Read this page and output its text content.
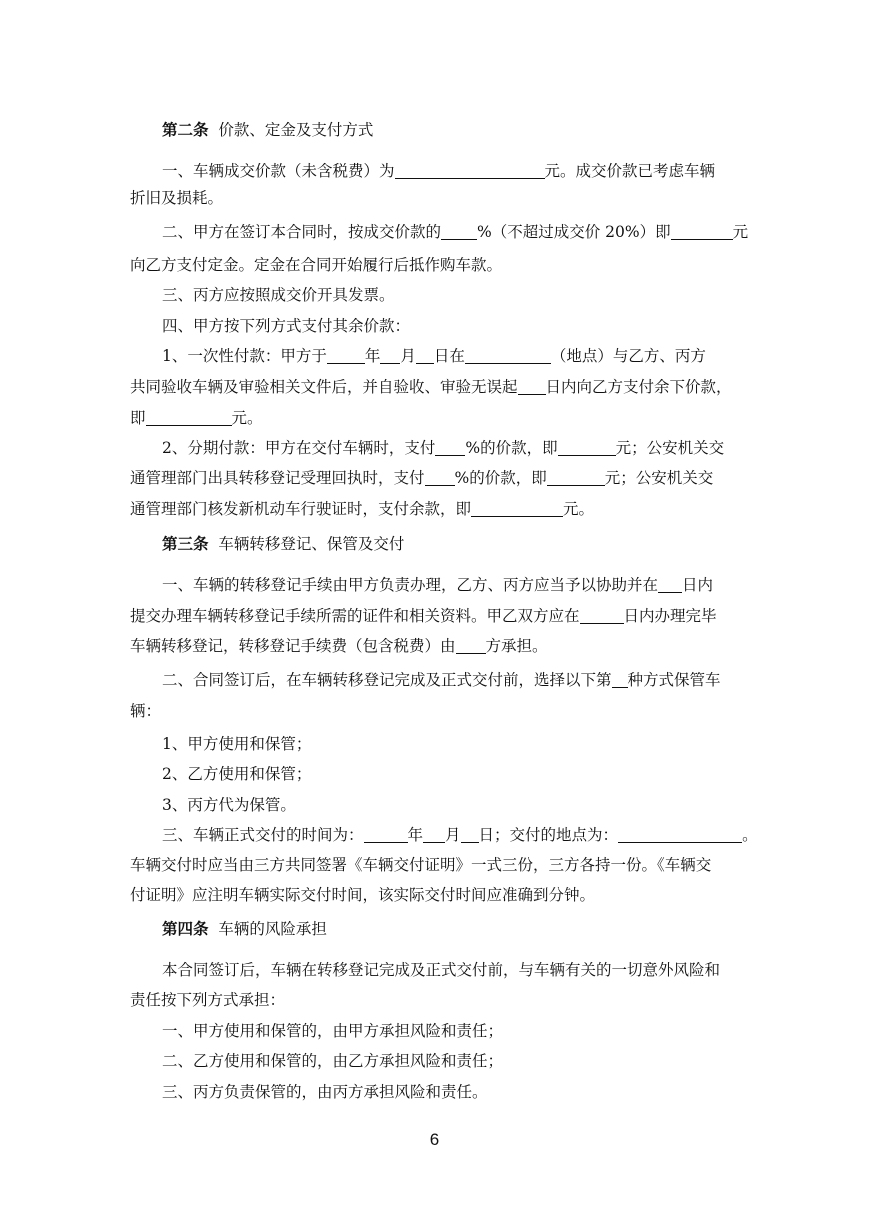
第二条 价款、定金及支付方式
一、车辆成交价款（未含税费）为	元。成交价款已考虑车辆
折旧及损耗。
二、甲方在签订本合同时，按成交价款的 %（不超过成交价 20%）即	元
向乙方支付定金。定金在合同开始履行后抵作购车款。
三、丙方应按照成交价开具发票。
四、甲方按下列方式支付其余价款：
1、一次性付款：甲方于 年 月 日在	（地点）与乙方、丙方
共同验收车辆及审验相关文件后，并自验收、审验无误起 日内向乙方支付余下价款，
即	元。
2、分期付款：甲方在交付车辆时，支付 %的价款，即	元；公安机关交
通管理部门出具转移登记受理回执时，支付 %的价款，即	元；公安机关交
通管理部门核发新机动车行驶证时，支付余款，即	元。
第三条 车辆转移登记、保管及交付
一、车辆的转移登记手续由甲方负责办理，乙方、丙方应当予以协助并在 日内
提交办理车辆转移登记手续所需的证件和相关资料。甲乙双方应在	日内办理完毕
车辆转移登记，转移登记手续费（包含税费）由 方承担。
二、合同签订后，在车辆转移登记完成及正式交付前，选择以下第 种方式保管车
辆：
1、甲方使用和保管；
2、乙方使用和保管；
3、丙方代为保管。
三、车辆正式交付的时间为：	年 月 日；交付的地点为：	。
车辆交付时应当由三方共同签署《车辆交付证明》一式三份，三方各持一份。《车辆交
付证明》应注明车辆实际交付时间，该实际交付时间应准确到分钟。
第四条 车辆的风险承担
本合同签订后，车辆在转移登记完成及正式交付前，与车辆有关的一切意外风险和
责任按下列方式承担：
一、甲方使用和保管的，由甲方承担风险和责任；
二、乙方使用和保管的，由乙方承担风险和责任；
三、丙方负责保管的，由丙方承担风险和责任。
6
